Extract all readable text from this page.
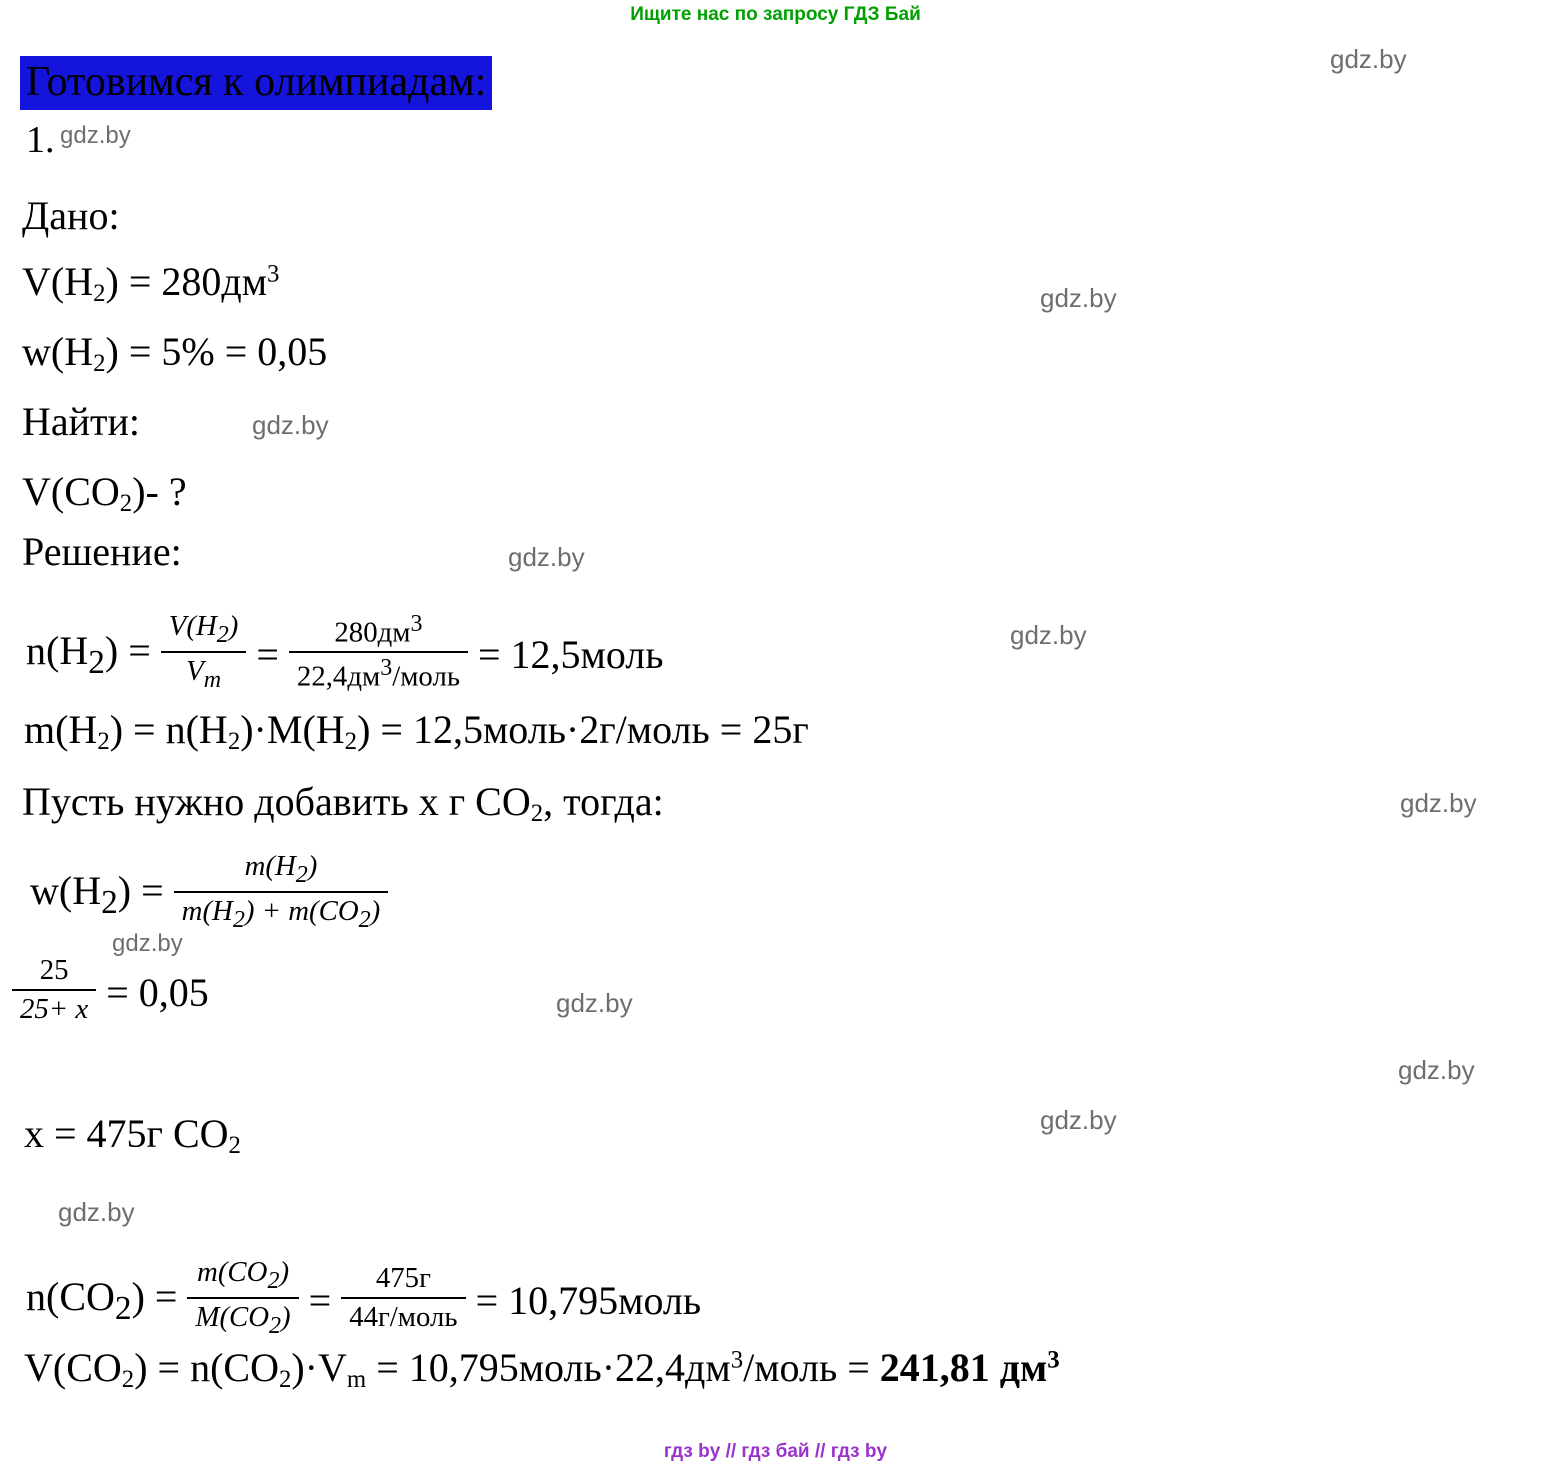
Ищите нас по запросу ГДЗ Бай
gdz.by
gdz.by
gdz.by
gdz.by
gdz.by
gdz.by
gdz.by
gdz.by
gdz.by
gdz.by
gdz.by
gdz.by
Готовимся к олимпиадам:
1.
Дано:
$V(H_2) = 280дм^3$
$w(H_2) = 5\% = 0,05$
Найти:
$V(CO_2)-$ ?
Решение:
$n(H_2) = \frac{V(H_2)}{V_m} = \frac{280дм^3}{22,4дм^3/моль}$ = 12,5моль
$m(H_2) = n(H_2)\cdot M(H_2)$ = 12,5моль·2г/моль = 25г
Пусть нужно добавить x г $CO_2$, тогда:
$w(H_2) = \frac{m(H_2)}{m(H_2) + m(CO_2)}$
$\frac{25}{25+ x} = 0,05$
x = 475г $CO_2$
$n(CO_2) = \frac{m(CO_2)}{M(CO_2)} = \frac{475г}{\text{44г/моль}}$ = 10,795моль
$V(CO_2) = n(CO_2)\cdot V_m$ = $10,795моль\cdot 22,4дм^3$/моль = 241,81 $дм^3$
гдз by // гдз бай // гдз by
